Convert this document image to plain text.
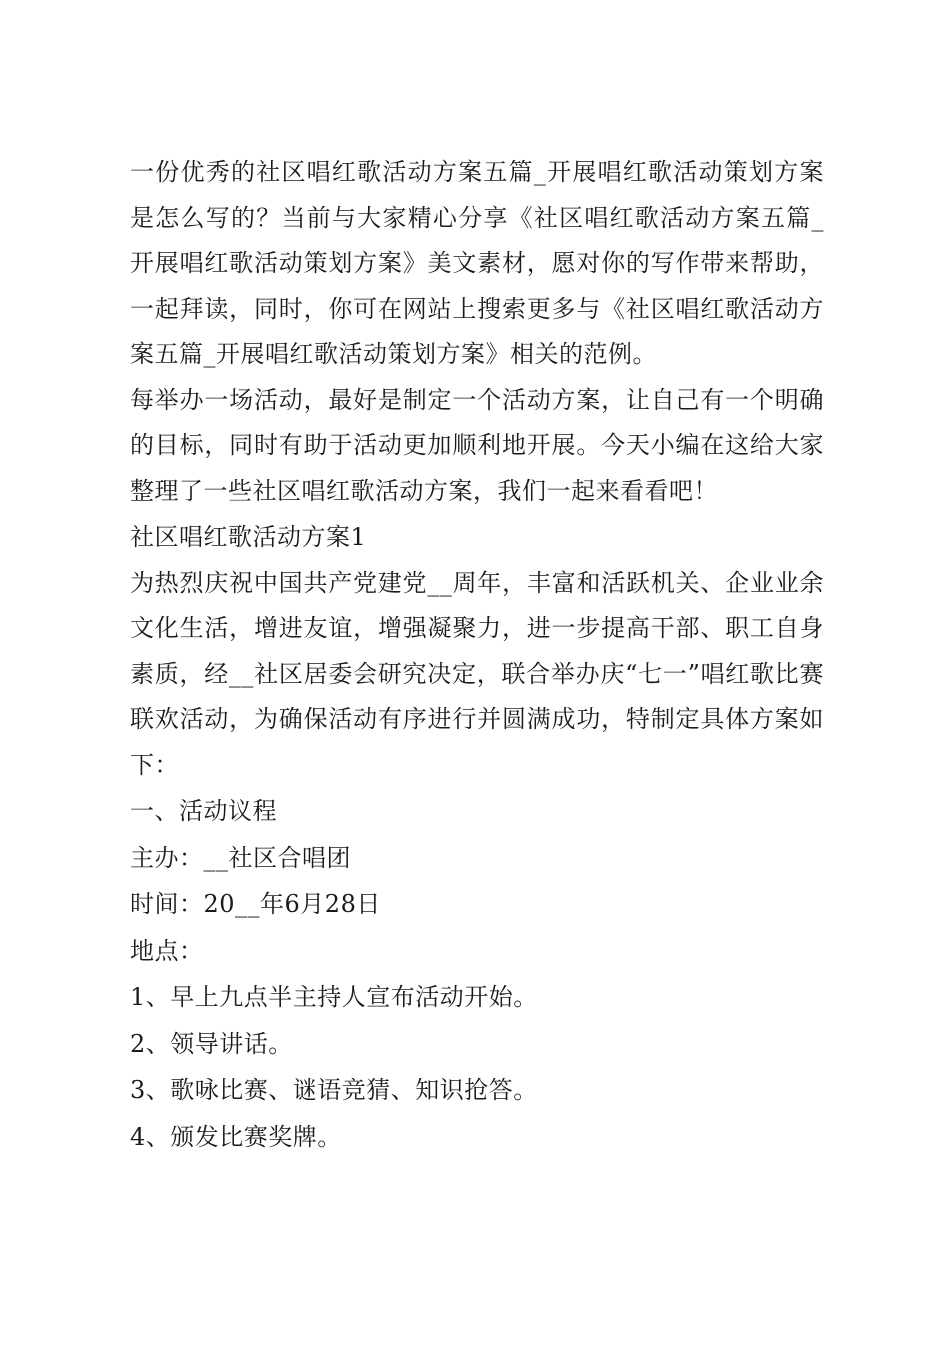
一份优秀的社区唱红歌活动方案五篇_开展唱红歌活动策划方案是怎么写的？当前与大家精心分享《社区唱红歌活动方案五篇_开展唱红歌活动策划方案》美文素材，愿对你的写作带来帮助，一起拜读，同时，你可在网站上搜索更多与《社区唱红歌活动方案五篇_开展唱红歌活动策划方案》相关的范例。

每举办一场活动，最好是制定一个活动方案，让自己有一个明确的目标，同时有助于活动更加顺利地开展。今天小编在这给大家整理了一些社区唱红歌活动方案，我们一起来看看吧！

社区唱红歌活动方案1

为热烈庆祝中国共产党建党__周年，丰富和活跃机关、企业业余文化生活，增进友谊，增强凝聚力，进一步提高干部、职工自身素质，经__社区居委会研究决定，联合举办庆“七一”唱红歌比赛联欢活动，为确保活动有序进行并圆满成功，特制定具体方案如下：

一、活动议程

主办：__社区合唱团

时间：20__年6月28日

地点：

1、早上九点半主持人宣布活动开始。

2、领导讲话。

3、歌咏比赛、谜语竞猜、知识抢答。

4、颁发比赛奖牌。
